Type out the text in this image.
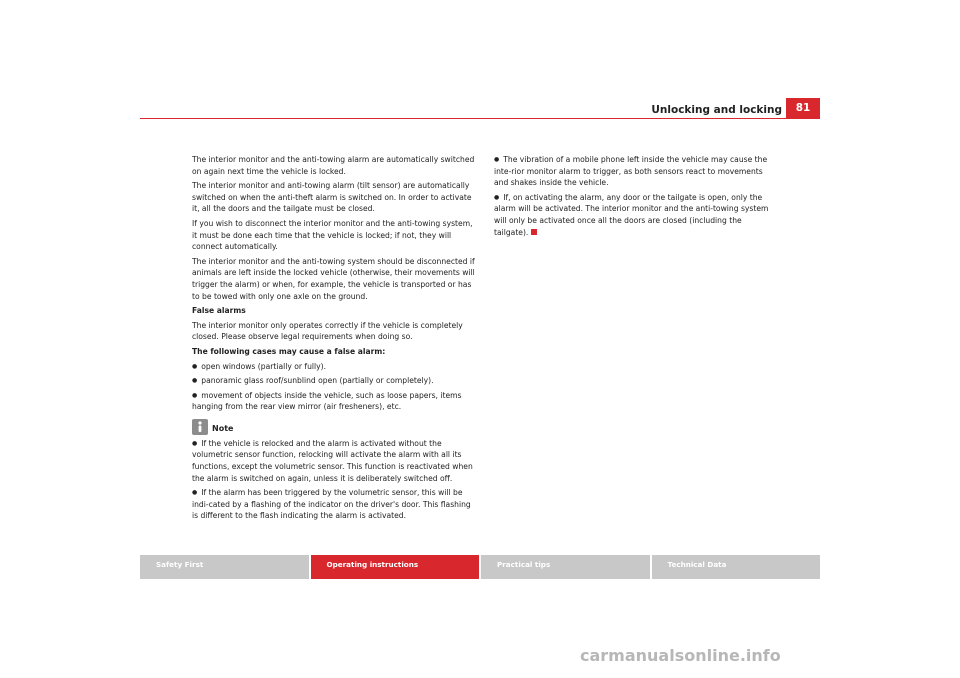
Unlocking and locking	81

The interior monitor and the anti-towing alarm are automatically switched on again next time the vehicle is locked.

The interior monitor and anti-towing alarm (tilt sensor) are automatically switched on when the anti-theft alarm is switched on. In order to activate it, all the doors and the tailgate must be closed.

If you wish to disconnect the interior monitor and the anti-towing system, it must be done each time that the vehicle is locked; if not, they will connect automatically.

The interior monitor and the anti-towing system should be disconnected if animals are left inside the locked vehicle (otherwise, their movements will trigger the alarm) or when, for example, the vehicle is transported or has to be towed with only one axle on the ground.

False alarms

The interior monitor only operates correctly if the vehicle is completely closed. Please observe legal requirements when doing so.

The following cases may cause a false alarm:

● open windows (partially or fully).

● panoramic glass roof/sunblind open (partially or completely).

● movement of objects inside the vehicle, such as loose papers, items hanging from the rear view mirror (air fresheners), etc.

Note

● If the vehicle is relocked and the alarm is activated without the volumetric sensor function, relocking will activate the alarm with all its functions, except the volumetric sensor. This function is reactivated when the alarm is switched on again, unless it is deliberately switched off.

● If the alarm has been triggered by the volumetric sensor, this will be indi-cated by a flashing of the indicator on the driver's door. This flashing is different to the flash indicating the alarm is activated.

● The vibration of a mobile phone left inside the vehicle may cause the inte-rior monitor alarm to trigger, as both sensors react to movements and shakes inside the vehicle.

● If, on activating the alarm, any door or the tailgate is open, only the alarm will be activated. The interior monitor and the anti-towing system will only be activated once all the doors are closed (including the tailgate).

Safety First	Operating instructions	Practical tips	Technical Data
carmanualsonline.info
